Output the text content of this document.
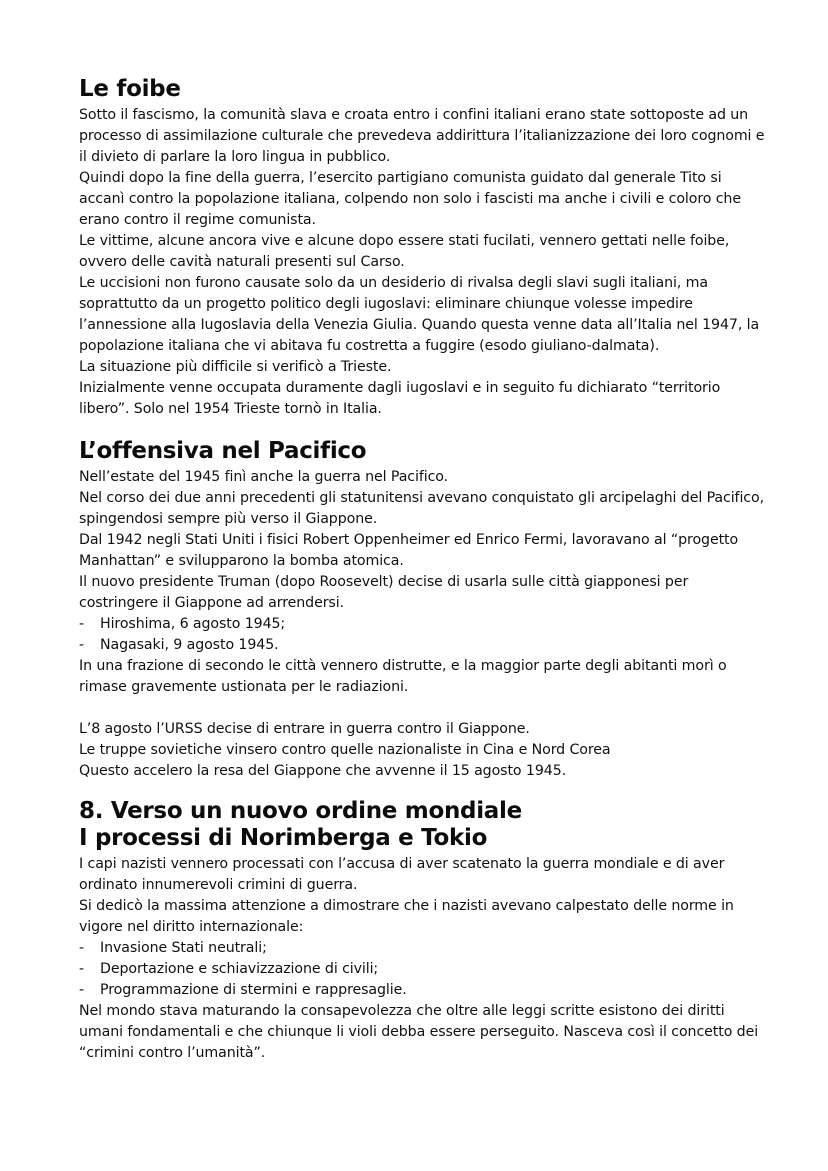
Le foibe

Sotto il fascismo, la comunità slava e croata entro i confini italiani erano state sottoposte ad un processo di assimilazione culturale che prevedeva addirittura l’italianizzazione dei loro cognomi e il divieto di parlare la loro lingua in pubblico.

Quindi dopo la fine della guerra, l’esercito partigiano comunista guidato dal generale Tito si accanì contro la popolazione italiana, colpendo non solo i fascisti ma anche i civili e coloro che erano contro il regime comunista.

Le vittime, alcune ancora vive e alcune dopo essere stati fucilati, vennero gettati nelle foibe, ovvero delle cavità naturali presenti sul Carso.

Le uccisioni non furono causate solo da un desiderio di rivalsa degli slavi sugli italiani, ma soprattutto da un progetto politico degli iugoslavi: eliminare chiunque volesse impedire l’annessione alla Iugoslavia della Venezia Giulia. Quando questa venne data all’Italia nel 1947, la popolazione italiana che vi abitava fu costretta a fuggire (esodo giuliano-dalmata).

La situazione più difficile si verificò a Trieste.

Inizialmente venne occupata duramente dagli iugoslavi e in seguito fu dichiarato “territorio libero”. Solo nel 1954 Trieste tornò in Italia.

L’offensiva nel Pacifico

Nell’estate del 1945 finì anche la guerra nel Pacifico.

Nel corso dei due anni precedenti gli statunitensi avevano conquistato gli arcipelaghi del Pacifico, spingendosi sempre più verso il Giappone.

Dal 1942 negli Stati Uniti i fisici Robert Oppenheimer ed Enrico Fermi, lavoravano al “progetto Manhattan” e svilupparono la bomba atomica.

Il nuovo presidente Truman (dopo Roosevelt) decise di usarla sulle città giapponesi per costringere il Giappone ad arrendersi.

- Hiroshima, 6 agosto 1945;
- Nagasaki, 9 agosto 1945.

In una frazione di secondo le città vennero distrutte, e la maggior parte degli abitanti morì o rimase gravemente ustionata per le radiazioni.

L’8 agosto l’URSS decise di entrare in guerra contro il Giappone.

Le truppe sovietiche vinsero contro quelle nazionaliste in Cina e Nord Corea

Questo accelero la resa del Giappone che avvenne il 15 agosto 1945.

8. Verso un nuovo ordine mondiale
I processi di Norimberga e Tokio

I capi nazisti vennero processati con l’accusa di aver scatenato la guerra mondiale e di aver ordinato innumerevoli crimini di guerra.

Si dedicò la massima attenzione a dimostrare che i nazisti avevano calpestato delle norme in vigore nel diritto internazionale:

- Invasione Stati neutrali;
- Deportazione e schiavizzazione di civili;
- Programmazione di stermini e rappresaglie.

Nel mondo stava maturando la consapevolezza che oltre alle leggi scritte esistono dei diritti umani fondamentali e che chiunque li violi debba essere perseguito. Nasceva così il concetto dei “crimini contro l’umanità”.
